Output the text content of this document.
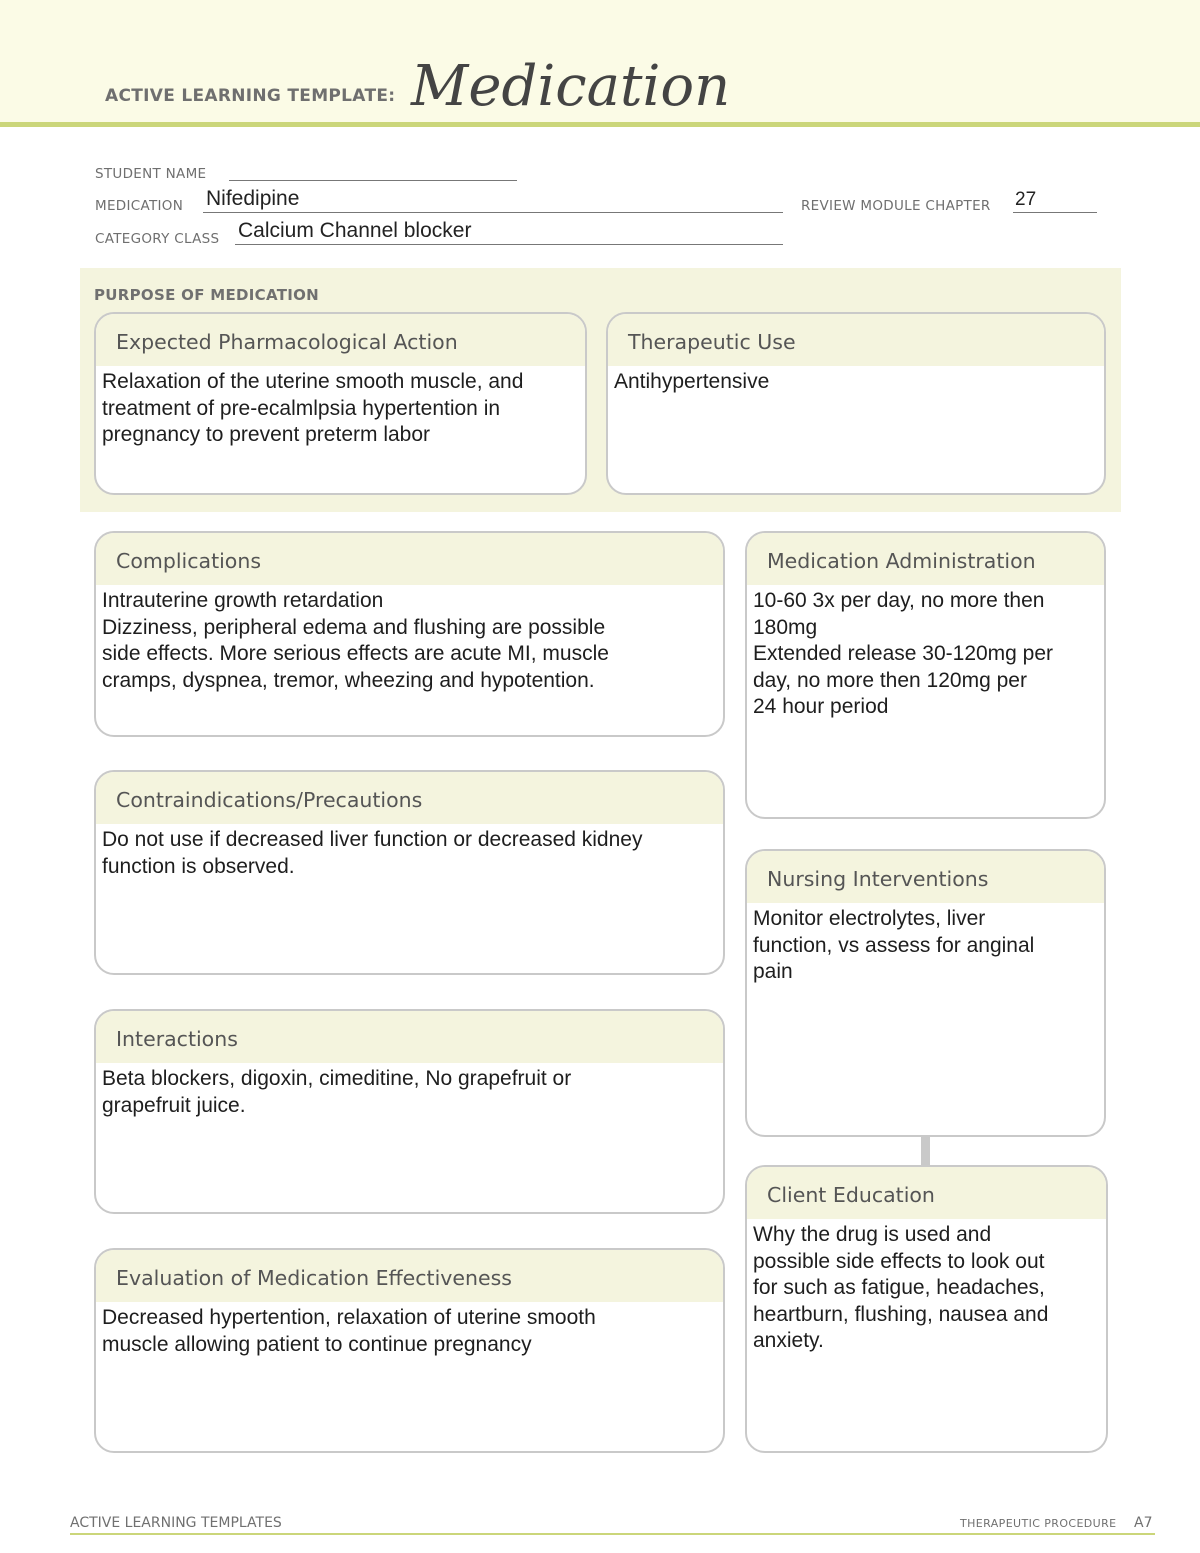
ACTIVE LEARNING TEMPLATE: Medication
STUDENT NAME
MEDICATION Nifedipine	REVIEW MODULE CHAPTER 27
CATEGORY CLASS Calcium Channel blocker
PURPOSE OF MEDICATION
Expected Pharmacological Action
Relaxation of the uterine smooth muscle, and
treatment of pre-ecalmlpsia hypertention in
pregnancy to prevent preterm labor
Therapeutic Use
Antihypertensive
Complications
Intrauterine growth retardation
Dizziness, peripheral edema and flushing are possible
side effects. More serious effects are acute MI, muscle
cramps, dyspnea, tremor, wheezing and hypotention.
Contraindications/Precautions
Do not use if decreased liver function or decreased kidney
function is observed.
Interactions
Beta blockers, digoxin, cimeditine, No grapefruit or
grapefruit juice.
Evaluation of Medication Effectiveness
Decreased hypertention, relaxation of uterine smooth
muscle allowing patient to continue pregnancy
Medication Administration
10-60 3x per day, no more then
180mg
Extended release 30-120mg per
day, no more then 120mg per
24 hour period
Nursing Interventions
Monitor electrolytes, liver
function, vs assess for anginal
pain
Client Education
Why the drug is used and
possible side effects to look out
for such as fatigue, headaches,
heartburn, flushing, nausea and
anxiety.
ACTIVE LEARNING TEMPLATES	THERAPEUTIC PROCEDURE A7
